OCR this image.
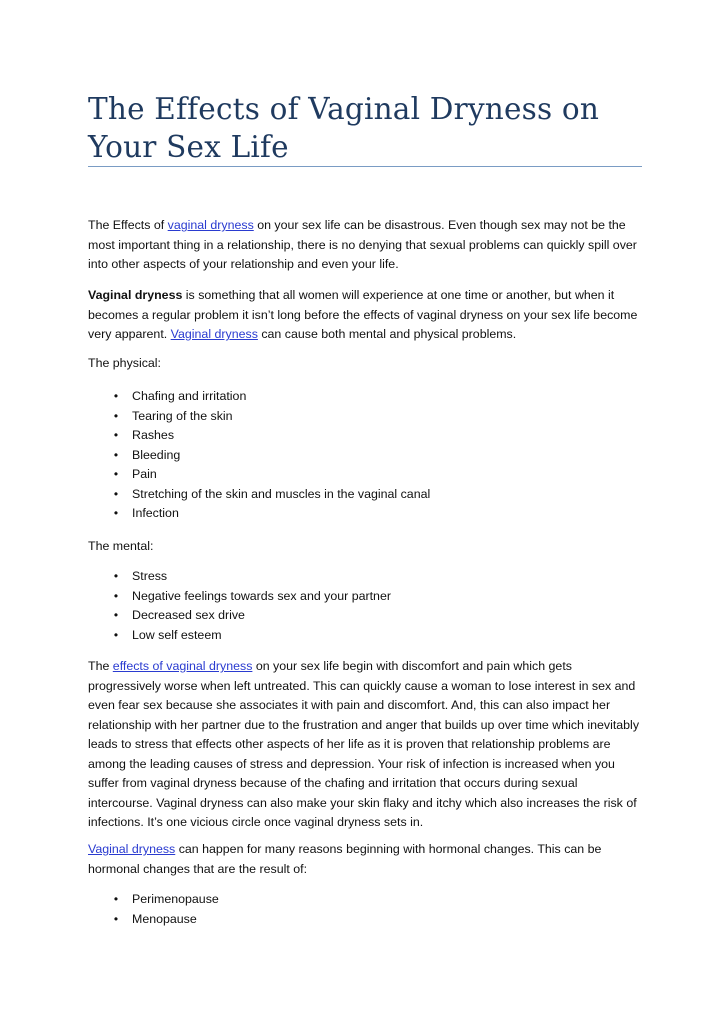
The Effects of Vaginal Dryness on Your Sex Life

The Effects of vaginal dryness on your sex life can be disastrous. Even though sex may not be the most important thing in a relationship, there is no denying that sexual problems can quickly spill over into other aspects of your relationship and even your life.

Vaginal dryness is something that all women will experience at one time or another, but when it becomes a regular problem it isn’t long before the effects of vaginal dryness on your sex life become very apparent. Vaginal dryness can cause both mental and physical problems.

The physical:

• Chafing and irritation
• Tearing of the skin
• Rashes
• Bleeding
• Pain
• Stretching of the skin and muscles in the vaginal canal
• Infection

The mental:

• Stress
• Negative feelings towards sex and your partner
• Decreased sex drive
• Low self esteem

The effects of vaginal dryness on your sex life begin with discomfort and pain which gets progressively worse when left untreated. This can quickly cause a woman to lose interest in sex and even fear sex because she associates it with pain and discomfort. And, this can also impact her relationship with her partner due to the frustration and anger that builds up over time which inevitably leads to stress that effects other aspects of her life as it is proven that relationship problems are among the leading causes of stress and depression. Your risk of infection is increased when you suffer from vaginal dryness because of the chafing and irritation that occurs during sexual intercourse. Vaginal dryness can also make your skin flaky and itchy which also increases the risk of infections. It’s one vicious circle once vaginal dryness sets in.

Vaginal dryness can happen for many reasons beginning with hormonal changes. This can be hormonal changes that are the result of:

• Perimenopause
• Menopause
